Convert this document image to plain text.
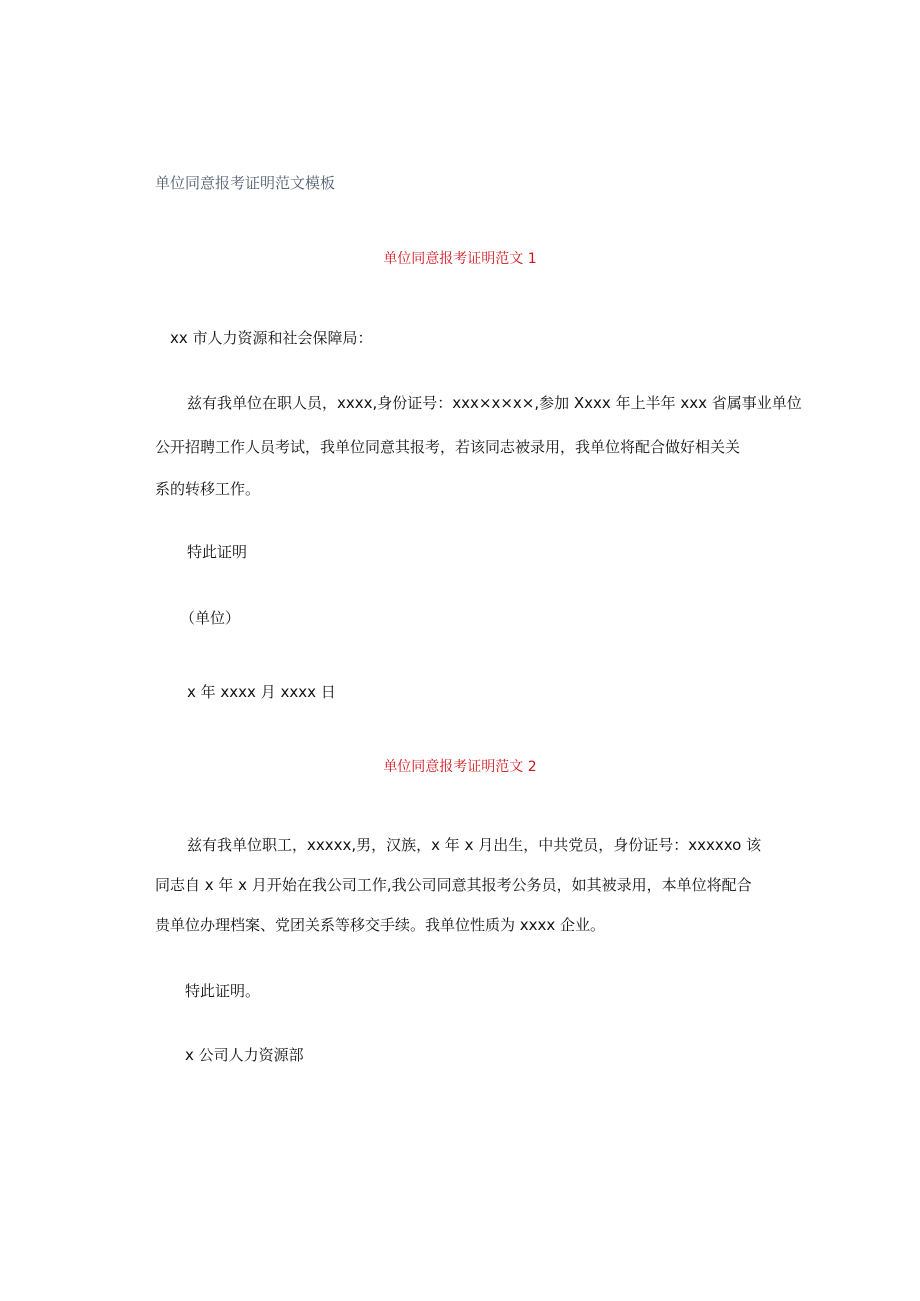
单位同意报考证明范文模板
单位同意报考证明范文 1
xx 市人力资源和社会保障局：
兹有我单位在职人员，xxxx,身份证号：xxx×x×x×,参加 Xxxx 年上半年 xxx 省属事业单位
公开招聘工作人员考试，我单位同意其报考，若该同志被录用，我单位将配合做好相关关
系的转移工作。
特此证明
（单位）
x 年 xxxx 月 xxxx 日
单位同意报考证明范文 2
兹有我单位职工，xxxxx,男，汉族，x 年 x 月出生，中共党员，身份证号：xxxxxo 该
同志自 x 年 x 月开始在我公司工作,我公司同意其报考公务员，如其被录用，本单位将配合
贵单位办理档案、党团关系等移交手续。我单位性质为 xxxx 企业。
特此证明。
x 公司人力资源部
